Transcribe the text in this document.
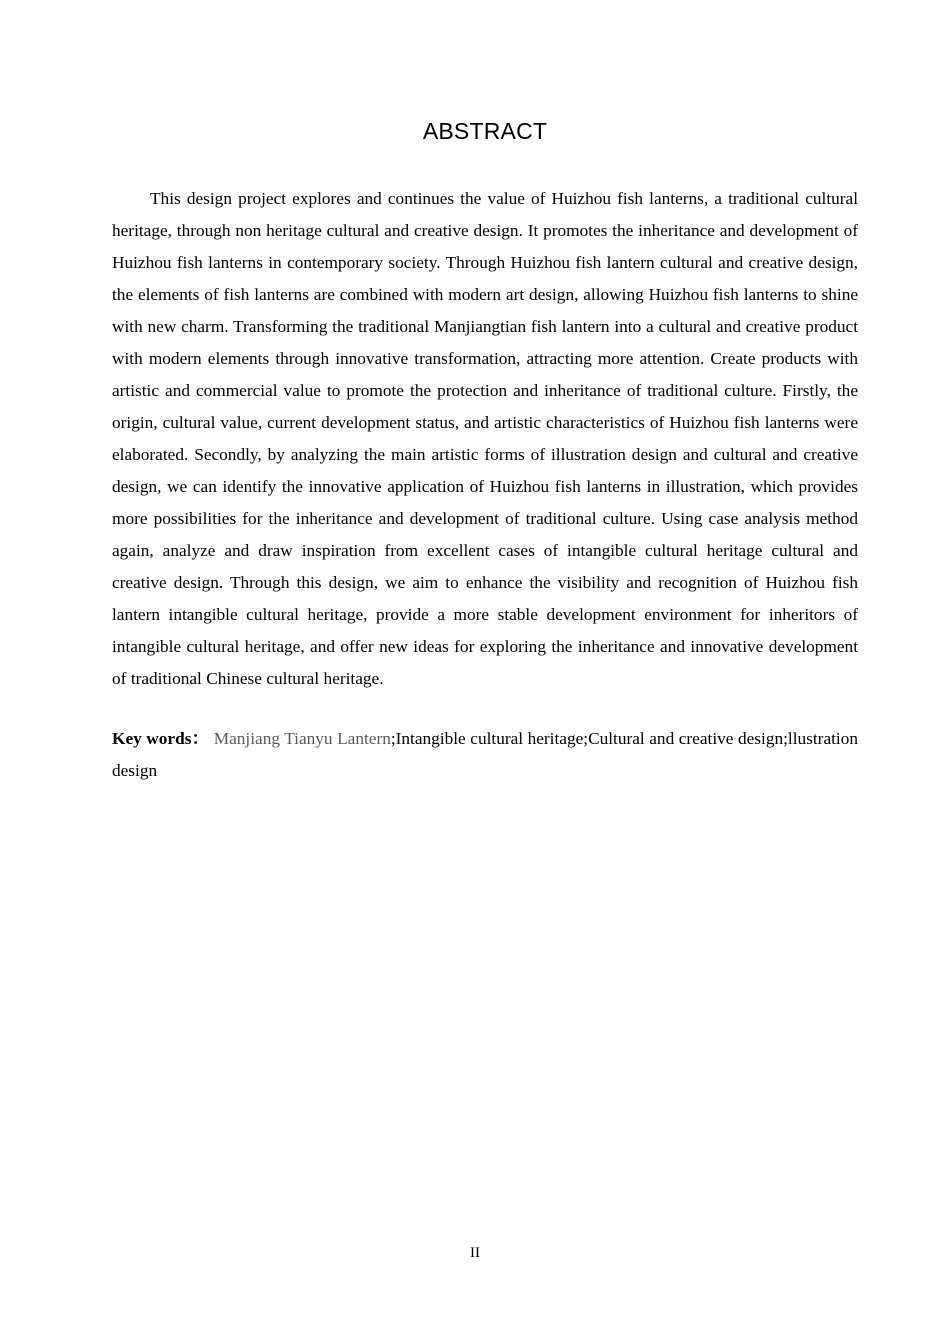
ABSTRACT

This design project explores and continues the value of Huizhou fish lanterns, a traditional cultural heritage, through non heritage cultural and creative design. It promotes the inheritance and development of Huizhou fish lanterns in contemporary society. Through Huizhou fish lantern cultural and creative design, the elements of fish lanterns are combined with modern art design, allowing Huizhou fish lanterns to shine with new charm. Transforming the traditional Manjiangtian fish lantern into a cultural and creative product with modern elements through innovative transformation, attracting more attention. Create products with artistic and commercial value to promote the protection and inheritance of traditional culture. Firstly, the origin, cultural value, current development status, and artistic characteristics of Huizhou fish lanterns were elaborated. Secondly, by analyzing the main artistic forms of illustration design and cultural and creative design, we can identify the innovative application of Huizhou fish lanterns in illustration, which provides more possibilities for the inheritance and development of traditional culture. Using case analysis method again, analyze and draw inspiration from excellent cases of intangible cultural heritage cultural and creative design. Through this design, we aim to enhance the visibility and recognition of Huizhou fish lantern intangible cultural heritage, provide a more stable development environment for inheritors of intangible cultural heritage, and offer new ideas for exploring the inheritance and innovative development of traditional Chinese cultural heritage.

Key words： Manjiang Tianyu Lantern;Intangible cultural heritage;Cultural and creative design;llustration design

II
